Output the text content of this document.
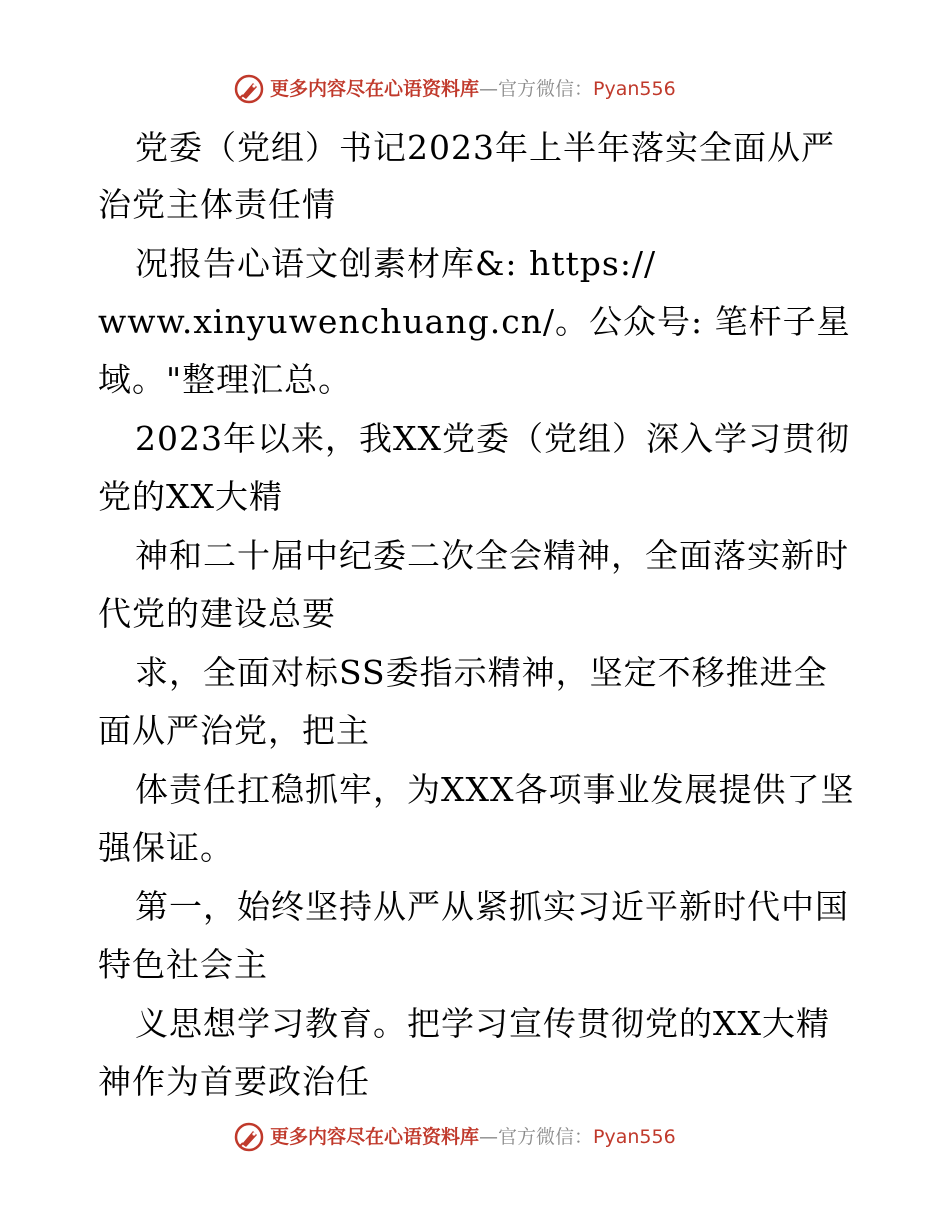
更多内容尽在心语资料库—官方微信：Pyan556
党委（党组）书记2023年上半年落实全面从严
治党主体责任情
况报告心语文创素材库&: https://
www.xinyuwenchuang.cn/。公众号: 笔杆子星
域。"整理汇总。
2023年以来，我XX党委（党组）深入学习贯彻
党的XX大精
神和二十届中纪委二次全会精神，全面落实新时
代党的建设总要
求，全面对标SS委指示精神，坚定不移推进全
面从严治党，把主
体责任扛稳抓牢，为XXX各项事业发展提供了坚
强保证。
第一，始终坚持从严从紧抓实习近平新时代中国
特色社会主
义思想学习教育。把学习宣传贯彻党的XX大精
神作为首要政治任
更多内容尽在心语资料库—官方微信：Pyan556
